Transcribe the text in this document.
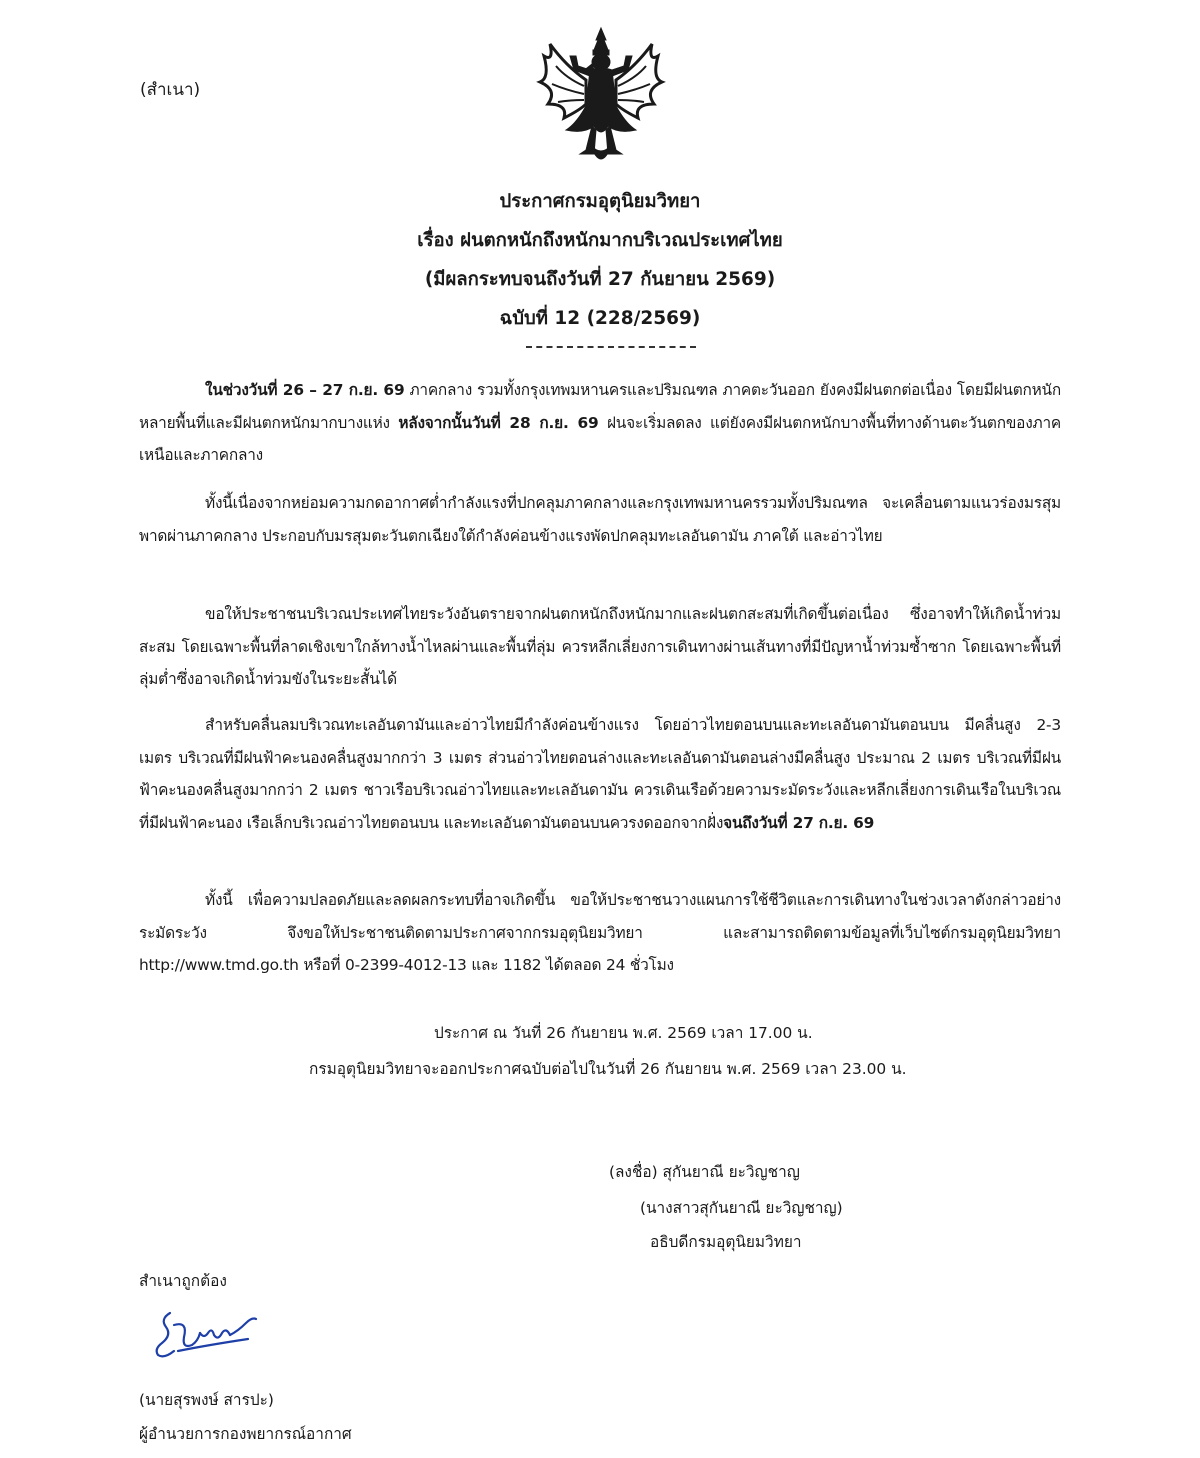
(สำเนา)
ประกาศกรมอุตุนิยมวิทยา
เรื่อง ฝนตกหนักถึงหนักมากบริเวณประเทศไทย
(มีผลกระทบจนถึงวันที่ 27 กันยายน 2569)
ฉบับที่ 12 (228/2569)

ในช่วงวันที่ 26 – 27 ก.ย. 69 ภาคกลาง รวมทั้งกรุงเทพมหานครและปริมณฑล ภาคตะวันออก ยังคงมีฝนตกต่อเนื่อง โดยมีฝนตกหนักหลายพื้นที่และมีฝนตกหนักมากบางแห่ง หลังจากนั้นวันที่ 28 ก.ย. 69 ฝนจะเริ่มลดลง แต่ยังคงมีฝนตกหนักบางพื้นที่ทางด้านตะวันตกของภาคเหนือและภาคกลาง

ทั้งนี้เนื่องจากหย่อมความกดอากาศต่ำกำลังแรงที่ปกคลุมภาคกลางและกรุงเทพมหานครรวมทั้งปริมณฑล จะเคลื่อนตามแนวร่องมรสุมพาดผ่านภาคกลาง ประกอบกับมรสุมตะวันตกเฉียงใต้กำลังค่อนข้างแรงพัดปกคลุมทะเลอันดามัน ภาคใต้ และอ่าวไทย

ขอให้ประชาชนบริเวณประเทศไทยระวังอันตรายจากฝนตกหนักถึงหนักมากและฝนตกสะสมที่เกิดขึ้นต่อเนื่อง ซึ่งอาจทำให้เกิดน้ำท่วมสะสม โดยเฉพาะพื้นที่ลาดเชิงเขาใกล้ทางน้ำไหลผ่านและพื้นที่ลุ่ม ควรหลีกเลี่ยงการเดินทางผ่านเส้นทางที่มีปัญหาน้ำท่วมซ้ำซาก โดยเฉพาะพื้นที่ลุ่มต่ำซึ่งอาจเกิดน้ำท่วมขังในระยะสั้นได้

สำหรับคลื่นลมบริเวณทะเลอันดามันและอ่าวไทยมีกำลังค่อนข้างแรง โดยอ่าวไทยตอนบนและทะเลอันดามันตอนบน มีคลื่นสูง 2-3 เมตร บริเวณที่มีฝนฟ้าคะนองคลื่นสูงมากกว่า 3 เมตร ส่วนอ่าวไทยตอนล่างและทะเลอันดามันตอนล่างมีคลื่นสูง ประมาณ 2 เมตร บริเวณที่มีฝนฟ้าคะนองคลื่นสูงมากกว่า 2 เมตร ชาวเรือบริเวณอ่าวไทยและทะเลอันดามัน ควรเดินเรือด้วยความระมัดระวังและหลีกเลี่ยงการเดินเรือในบริเวณที่มีฝนฟ้าคะนอง เรือเล็กบริเวณอ่าวไทยตอนบน และทะเลอันดามันตอนบนควรงดออกจากฝั่งจนถึงวันที่ 27 ก.ย. 69

ทั้งนี้ เพื่อความปลอดภัยและลดผลกระทบที่อาจเกิดขึ้น ขอให้ประชาชนวางแผนการใช้ชีวิตและการเดินทางในช่วงเวลาดังกล่าวอย่างระมัดระวัง จึงขอให้ประชาชนติดตามประกาศจากกรมอุตุนิยมวิทยา และสามารถติดตามข้อมูลที่เว็บไซต์กรมอุตุนิยมวิทยา http://www.tmd.go.th หรือที่ 0-2399-4012-13 และ 1182 ได้ตลอด 24 ชั่วโมง

ประกาศ ณ วันที่ 26 กันยายน พ.ศ. 2569 เวลา 17.00 น.
กรมอุตุนิยมวิทยาจะออกประกาศฉบับต่อไปในวันที่ 26 กันยายน พ.ศ. 2569 เวลา 23.00 น.
(ลงชื่อ) สุกันยาณี ยะวิญชาญ
(นางสาวสุกันยาณี ยะวิญชาญ)
อธิบดีกรมอุตุนิยมวิทยา
สำเนาถูกต้อง
(นายสุรพงษ์ สารปะ)
ผู้อำนวยการกองพยากรณ์อากาศ
